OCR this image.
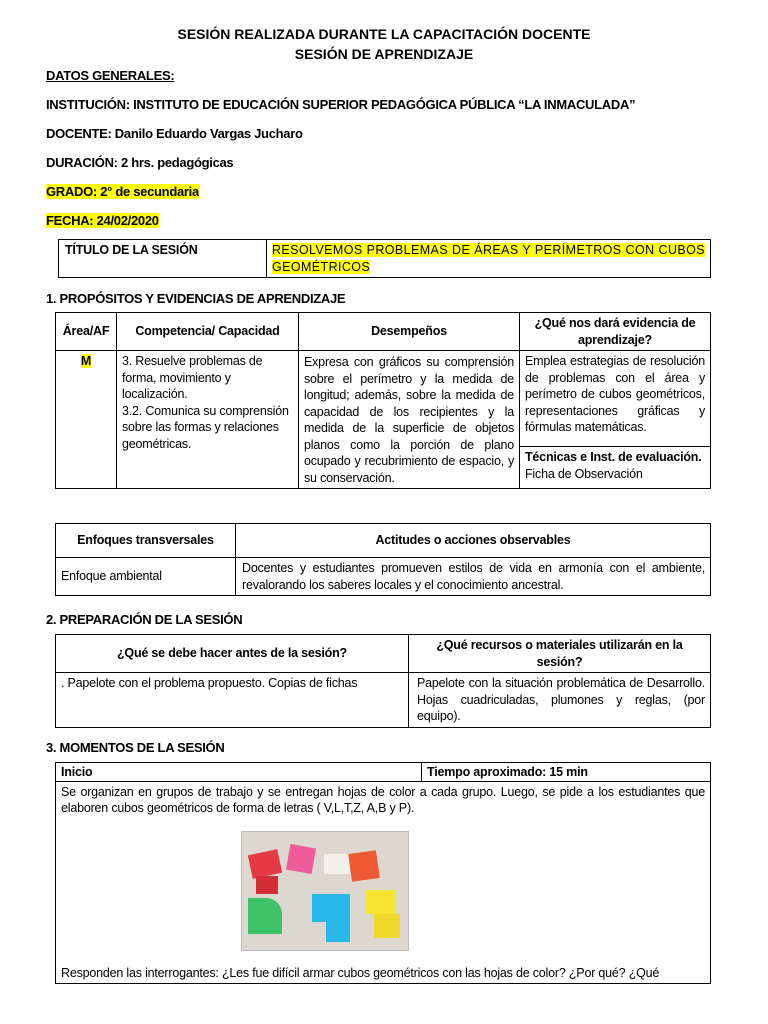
SESIÓN REALIZADA DURANTE LA CAPACITACIÓN DOCENTE
SESIÓN DE APRENDIZAJE
DATOS GENERALES:
INSTITUCIÓN: INSTITUTO DE EDUCACIÓN SUPERIOR PEDAGÓGICA PÚBLICA “LA INMACULADA”
DOCENTE: Danilo Eduardo Vargas Jucharo
DURACIÓN: 2 hrs. pedagógicas
GRADO: 2° de secundaria
FECHA: 24/02/2020
TÍTULO DE LA SESIÓN	RESOLVEMOS PROBLEMAS DE ÁREAS Y PERÍMETROS CON CUBOS GEOMÉTRICOS
1. PROPÓSITOS Y EVIDENCIAS DE APRENDIZAJE
Área/AF	Competencia/ Capacidad	Desempeños	¿Qué nos dará evidencia de aprendizaje?
M	3. Resuelve problemas de forma, movimiento y localización.
3.2. Comunica su comprensión sobre las formas y relaciones geométricas.	Expresa con gráficos su comprensión sobre el perímetro y la medida de longitud; además, sobre la medida de capacidad de los recipientes y la medida de la superficie de objetos planos como la porción de plano ocupado y recubrimiento de espacio, y su conservación.	Emplea estrategias de resolución de problemas con el área y perímetro de cubos geométricos, representaciones gráficas y fórmulas matemáticas.

			Técnicas e Inst. de evaluación.
Ficha de Observación
Enfoques transversales	Actitudes o acciones observables
Enfoque ambiental	Docentes y estudiantes promueven estilos de vida en armonía con el ambiente, revalorando los saberes locales y el conocimiento ancestral.
2. PREPARACIÓN DE LA SESIÓN
¿Qué se debe hacer antes de la sesión?	¿Qué recursos o materiales utilizarán en la sesión?
. Papelote con el problema propuesto. Copias de fichas	Papelote con la situación problemática de Desarrollo. Hojas cuadriculadas, plumones y reglas, (por equipo).
3. MOMENTOS DE LA SESIÓN
Inicio	Tiempo aproximado: 15 min

Se organizan en grupos de trabajo y se entregan hojas de color a cada grupo. Luego, se pide a los estudiantes que elaboren cubos geométricos de forma de letras ( V,L,T,Z, A,B y P).
Responden las interrogantes: ¿Les fue difícil armar cubos geométricos con las hojas de color? ¿Por qué? ¿Qué
